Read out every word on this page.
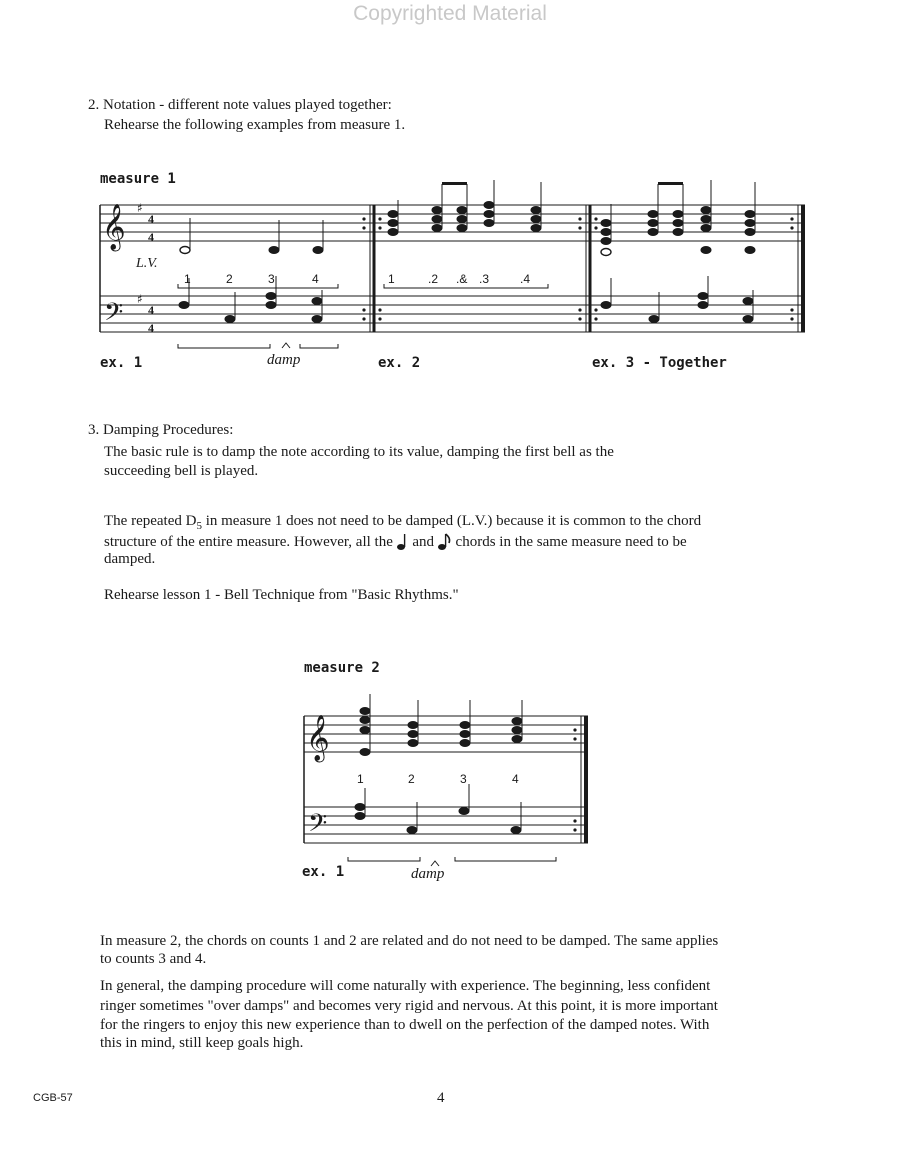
Copyrighted Material
2. Notation - different note values played together:
Rehearse the following examples from measure 1.
measure 1
L.V.
1	2	3	4	1	.2 .& .3	.4
damp
ex. 1	ex. 2	ex. 3 - Together
𝄞
𝄢
♯
♯
4
4
4
4
3. Damping Procedures:
The basic rule is to damp the note according to its value, damping the first bell as the
succeeding bell is played.
The repeated $D_5$ in measure 1 does not need to be damped (L.V.) because it is common to the chord
structure of the entire measure. However, all the and chords in the same measure need to be
damped.
Rehearse lesson 1 - Bell Technique from "Basic Rhythms."
measure 2
1	2	3	4
ex. 1	damp
𝄞
𝄢
In measure 2, the chords on counts 1 and 2 are related and do not need to be damped. The same applies
to counts 3 and 4.
In general, the damping procedure will come naturally with experience. The beginning, less confident
ringer sometimes "over damps" and becomes very rigid and nervous. At this point, it is more important
for the ringers to enjoy this new experience than to dwell on the perfection of the damped notes. With
this in mind, still keep goals high.
CGB-57	4
